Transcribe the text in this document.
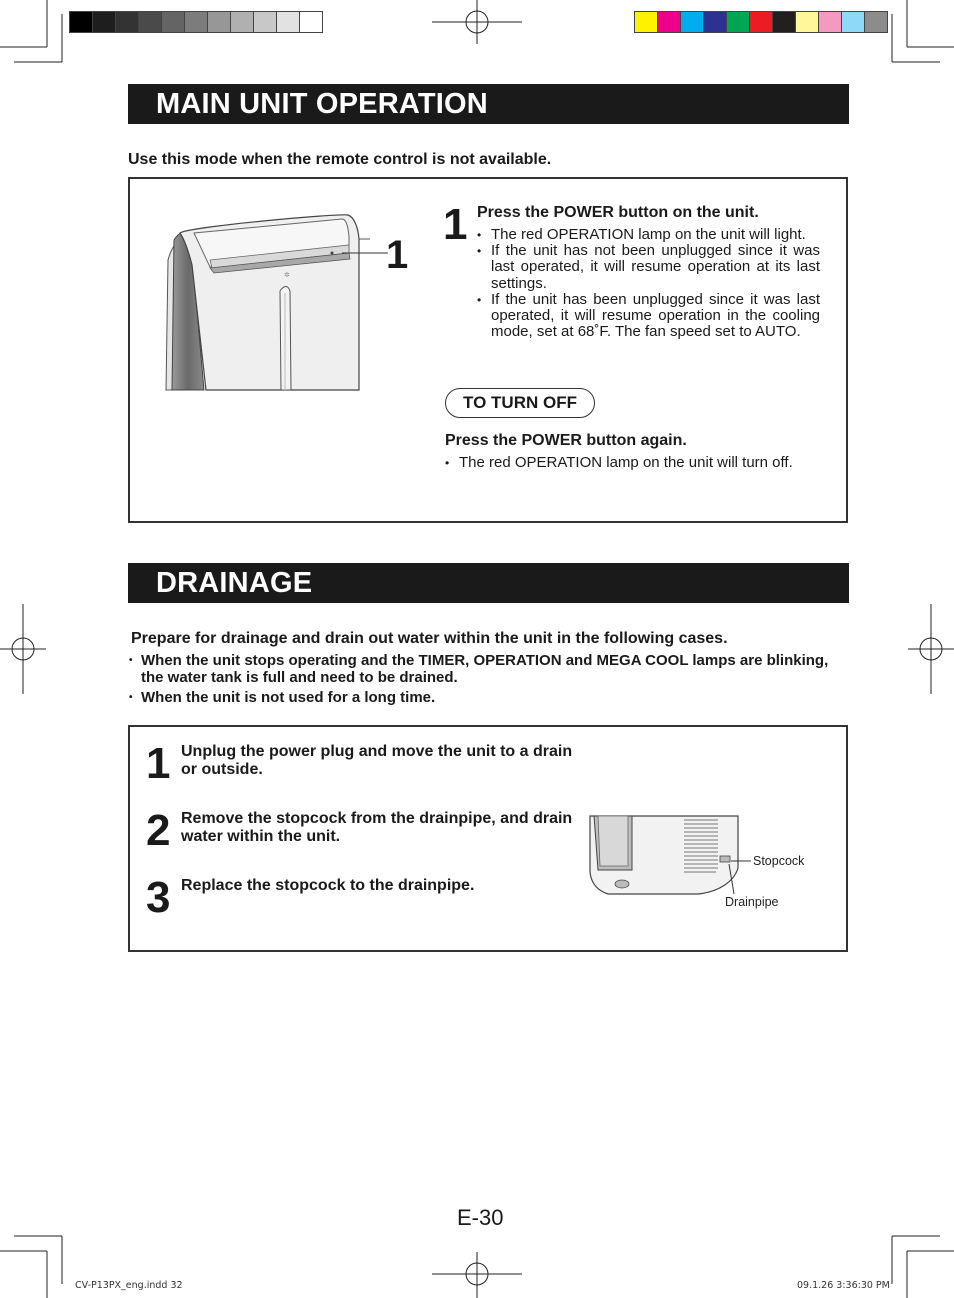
MAIN UNIT OPERATION
Use this mode when the remote control is not available.
✲ 1
1 Press the POWER button on the unit.
• The red OPERATION lamp on the unit will light.
• If the unit has not been unplugged since it was last operated, it will resume operation at its last settings.
• If the unit has been unplugged since it was last operated, it will resume operation in the cooling mode, set at 68˚F. The fan speed set to AUTO.
TO TURN OFF
Press the POWER button again.
• The red OPERATION lamp on the unit will turn off.
DRAINAGE
Prepare for drainage and drain out water within the unit in the following cases.
• When the unit stops operating and the TIMER, OPERATION and MEGA COOL lamps are blinking, the water tank is full and need to be drained.
• When the unit is not used for a long time.
1 Unplug the power plug and move the unit to a drain or outside.
2 Remove the stopcock from the drainpipe, and drain water within the unit.
3 Replace the stopcock to the drainpipe.
Stopcock
Drainpipe
E-30
CV-P13PX_eng.indd 32	09.1.26 3:36:30 PM
